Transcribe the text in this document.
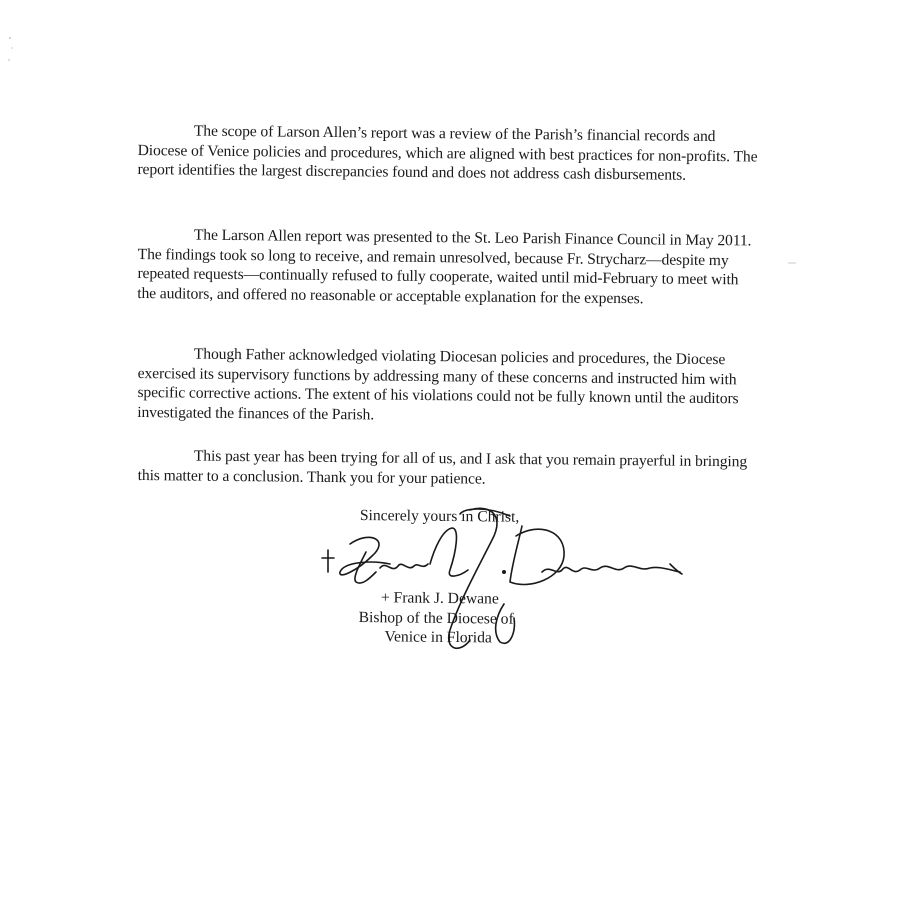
The scope of Larson Allen’s report was a review of the Parish’s financial records and Diocese of Venice policies and procedures, which are aligned with best practices for non-profits. The report identifies the largest discrepancies found and does not address cash disbursements.

The Larson Allen report was presented to the St. Leo Parish Finance Council in May 2011. The findings took so long to receive, and remain unresolved, because Fr. Strycharz—despite my repeated requests—continually refused to fully cooperate, waited until mid-February to meet with the auditors, and offered no reasonable or acceptable explanation for the expenses.

Though Father acknowledged violating Diocesan policies and procedures, the Diocese exercised its supervisory functions by addressing many of these concerns and instructed him with specific corrective actions. The extent of his violations could not be fully known until the auditors investigated the finances of the Parish.

This past year has been trying for all of us, and I ask that you remain prayerful in bringing this matter to a conclusion. Thank you for your patience.

Sincerely yours in Christ,
+ Frank J. Dewane
Bishop of the Diocese of
Venice in Florida
